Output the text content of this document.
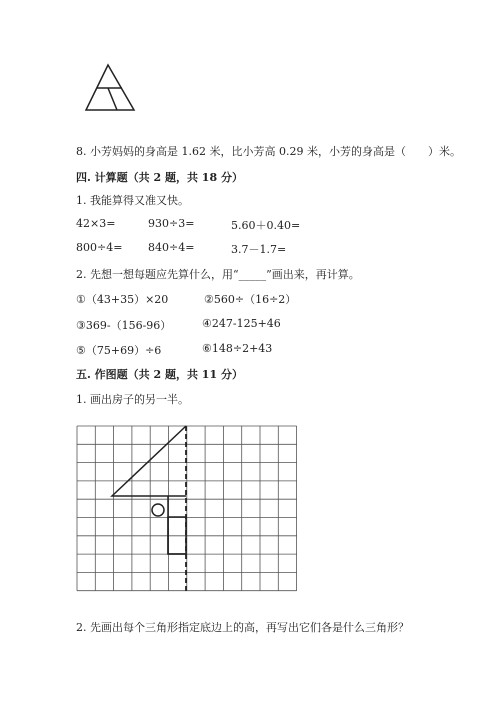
8. 小芳妈妈的身高是 1.62 米，比小芳高 0.29 米，小芳的身高是（　　）米。
四. 计算题（共 2 题，共 18 分）
1. 我能算得又准又快。
42×3=	930÷3=	5.60＋0.40=
800÷4= 840÷4=	3.7－1.7=
2. 先想一想每题应先算什么，用“_____”画出来，再计算。
①（43+35）×20	②560÷（16÷2）
③369-（156-96）	④247-125+46
⑤（75+69）÷6	⑥148÷2+43
五. 作图题（共 2 题，共 11 分）
1. 画出房子的另一半。
2. 先画出每个三角形指定底边上的高，再写出它们各是什么三角形？
